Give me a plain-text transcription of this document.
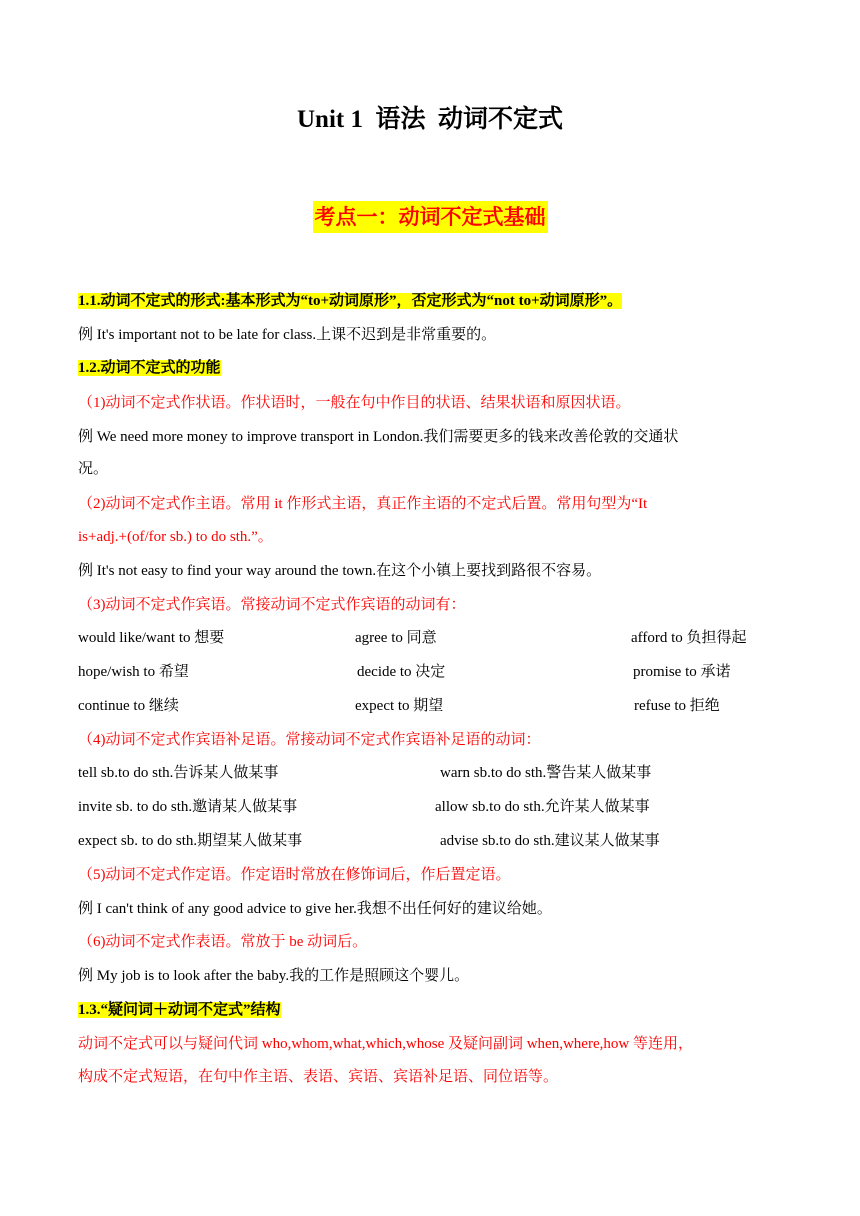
Unit 1  语法  动词不定式
考点一：动词不定式基础
1.1.动词不定式的形式:基本形式为“to+动词原形”，否定形式为“not to+动词原形”。
例 It's important not to be late for class.上课不迟到是非常重要的。
1.2.动词不定式的功能
（1)动词不定式作状语。作状语时，一般在句中作目的状语、结果状语和原因状语。
例 We need more money to improve transport in London.我们需要更多的钱来改善伦敦的交通状
况。
（2)动词不定式作主语。常用 it 作形式主语，真正作主语的不定式后置。常用句型为“It
is+adj.+(of/for sb.) to do sth.”。
例 It's not easy to find your way around the town.在这个小镇上要找到路很不容易。
（3)动词不定式作宾语。常接动词不定式作宾语的动词有：
would like/want to 想要	agree to 同意	afford to 负担得起
hope/wish to 希望	decide to 决定	promise to 承诺
continue to 继续	expect to 期望	refuse to 拒绝
（4)动词不定式作宾语补足语。常接动词不定式作宾语补足语的动词：
tell sb.to do sth.告诉某人做某事	warn sb.to do sth.警告某人做某事
invite sb. to do sth.邀请某人做某事	allow sb.to do sth.允许某人做某事
expect sb. to do sth.期望某人做某事	advise sb.to do sth.建议某人做某事
（5)动词不定式作定语。作定语时常放在修饰词后，作后置定语。
例 I can't think of any good advice to give her.我想不出任何好的建议给她。
（6)动词不定式作表语。常放于 be 动词后。
例 My job is to look after the baby.我的工作是照顾这个婴儿。
1.3.“疑问词＋动词不定式”结构
动词不定式可以与疑问代词 who,whom,what,which,whose 及疑问副词 when,where,how 等连用，
构成不定式短语，在句中作主语、表语、宾语、宾语补足语、同位语等。
